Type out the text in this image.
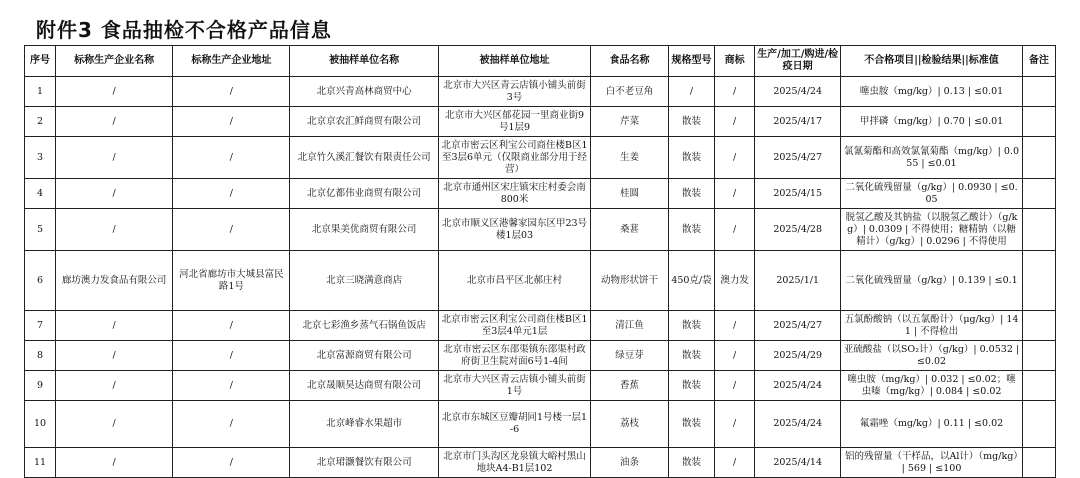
附件3 食品抽检不合格产品信息
序号	标称生产企业名称	标称生产企业地址	被抽样单位名称	被抽样单位地址	食品名称	规格型号	商标	生产/加工/购进/检疫日期	不合格项目||检验结果||标准值	备注
1	/	/	北京兴青高林商贸中心	北京市大兴区青云店镇小铺头前街3号	白不老豆角	/	/	2025/4/24	噻虫胺（mg/kg）| 0.13 | ≤0.01	
2	/	/	北京京农汇鲜商贸有限公司	北京市大兴区郁花园一里商业街9号1层9	芹菜	散装	/	2025/4/17	甲拌磷（mg/kg）| 0.70 | ≤0.01	
3	/	/	北京竹久溪汇餐饮有限责任公司	北京市密云区利宝公司商住楼B区1至3层6单元（仅限商业部分用于经营）	生姜	散装	/	2025/4/27	氯氰菊酯和高效氯氰菊酯（mg/kg）| 0.055 | ≤0.01	
4	/	/	北京亿都伟业商贸有限公司	北京市通州区宋庄镇宋庄村委会南800米	桂圆	散装	/	2025/4/15	二氧化硫残留量（g/kg）| 0.0930 | ≤0.05	
5	/	/	北京果美优商贸有限公司	北京市顺义区港馨家园东区甲23号楼1层03	桑葚	散装	/	2025/4/28	脱氢乙酸及其钠盐（以脱氢乙酸计）（g/kg）| 0.0309 | 不得使用；糖精钠（以糖精计）（g/kg）| 0.0296 | 不得使用	
6	廊坊澳力发食品有限公司	河北省廊坊市大城县富民路1号	北京三晓满意商店	北京市昌平区北郝庄村	动物形状饼干	450克/袋	澳力发	2025/1/1	二氧化硫残留量（g/kg）| 0.139 | ≤0.1	
7	/	/	北京七彩渔乡蒸气石锅鱼饭店	北京市密云区利宝公司商住楼B区1至3层4单元1层	清江鱼	散装	/	2025/4/27	五氯酚酸钠（以五氯酚计）（μg/kg）| 141 | 不得检出	
8	/	/	北京富源商贸有限公司	北京市密云区东邵渠镇东邵渠村政府街卫生院对面6号1-4间	绿豆芽	散装	/	2025/4/29	亚硫酸盐（以SO₂计）（g/kg）| 0.0532 | ≤0.02	
9	/	/	北京晟顺昊达商贸有限公司	北京市大兴区青云店镇小铺头前街1号	香蕉	散装	/	2025/4/24	噻虫胺（mg/kg）| 0.032 | ≤0.02；噻虫嗪（mg/kg）| 0.084 | ≤0.02	
10	/	/	北京峰睿水果超市	北京市东城区豆瓣胡同1号楼一层1-6	荔枝	散装	/	2025/4/24	氟霜唑（mg/kg）| 0.11 | ≤0.02	
11	/	/	北京珺灏餐饮有限公司	北京市门头沟区龙泉镇大峪村黑山地块A4-B1层102	油条	散装	/	2025/4/14	铝的残留量（干样品，以Al计）（mg/kg）| 569 | ≤100	
